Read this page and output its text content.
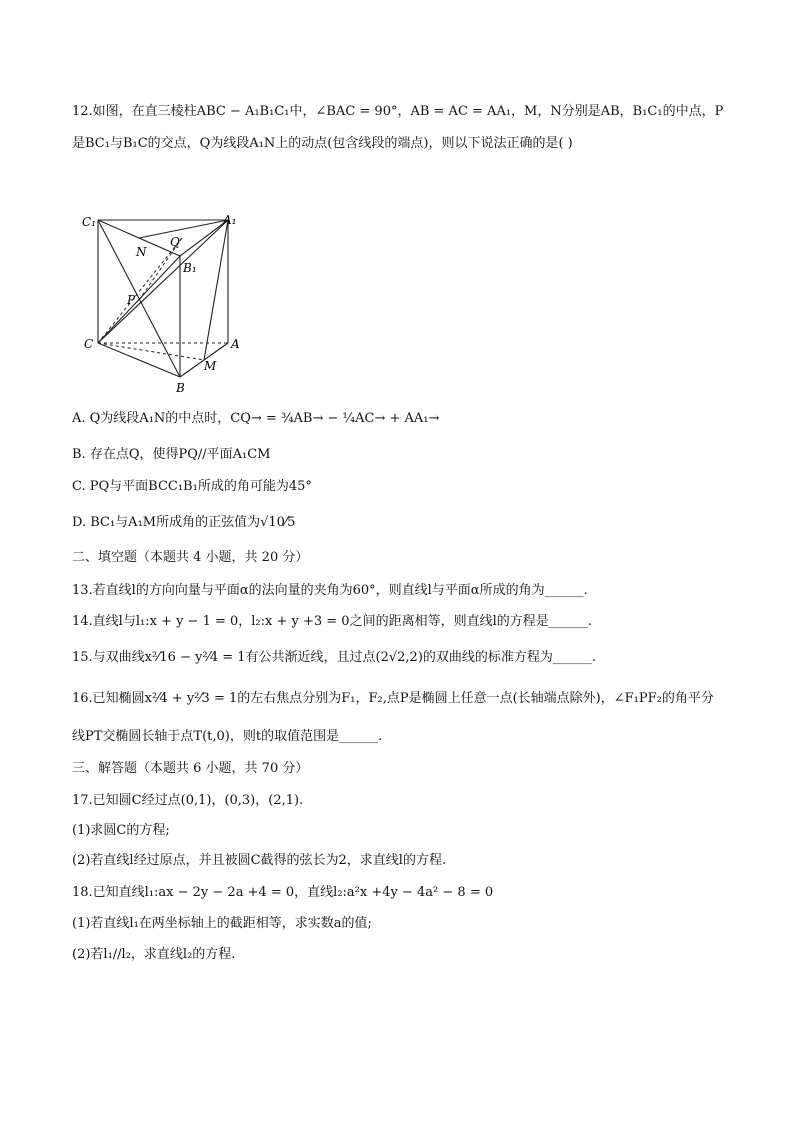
12.如图，在直三棱柱ABC − A₁B₁C₁中，∠BAC = 90°，AB = AC = AA₁，M，N分别是AB，B₁C₁的中点，P
是BC₁与B₁C的交点，Q为线段A₁N上的动点(包含线段的端点)，则以下说法正确的是( )
C₁	A₁
N
Q
B₁
P
C	A
M
B
A. Q为线段A₁N的中点时，CQ→ = ¾AB→ − ¼AC→ + AA₁→
B. 存在点Q，使得PQ//平面A₁CM
C. PQ与平面BCC₁B₁所成的角可能为45°
D. BC₁与A₁M所成角的正弦值为√10⁄5
二、填空题（本题共 4 小题，共 20 分）
13.若直线l的方向向量与平面α的法向量的夹角为60°，则直线l与平面α所成的角为______.
14.直线l与l₁:x + y − 1 = 0，l₂:x + y +3 = 0之间的距离相等，则直线l的方程是______.
15.与双曲线x²⁄16 − y²⁄4 = 1有公共渐近线，且过点(2√2,2)的双曲线的标准方程为______.
16.已知椭圆x²⁄4 + y²⁄3 = 1的左右焦点分别为F₁，F₂,点P是椭圆上任意一点(长轴端点除外)，∠F₁PF₂的角平分
线PT交椭圆长轴于点T(t,0)，则t的取值范围是______.
三、解答题（本题共 6 小题，共 70 分）
17.已知圆C经过点(0,1)，(0,3)，(2,1).
(1)求圆C的方程;
(2)若直线l经过原点，并且被圆C截得的弦长为2，求直线l的方程.
18.已知直线l₁:ax − 2y − 2a +4 = 0，直线l₂:a²x +4y − 4a² − 8 = 0
(1)若直线l₁在两坐标轴上的截距相等，求实数a的值;
(2)若l₁//l₂，求直线l₂的方程.
